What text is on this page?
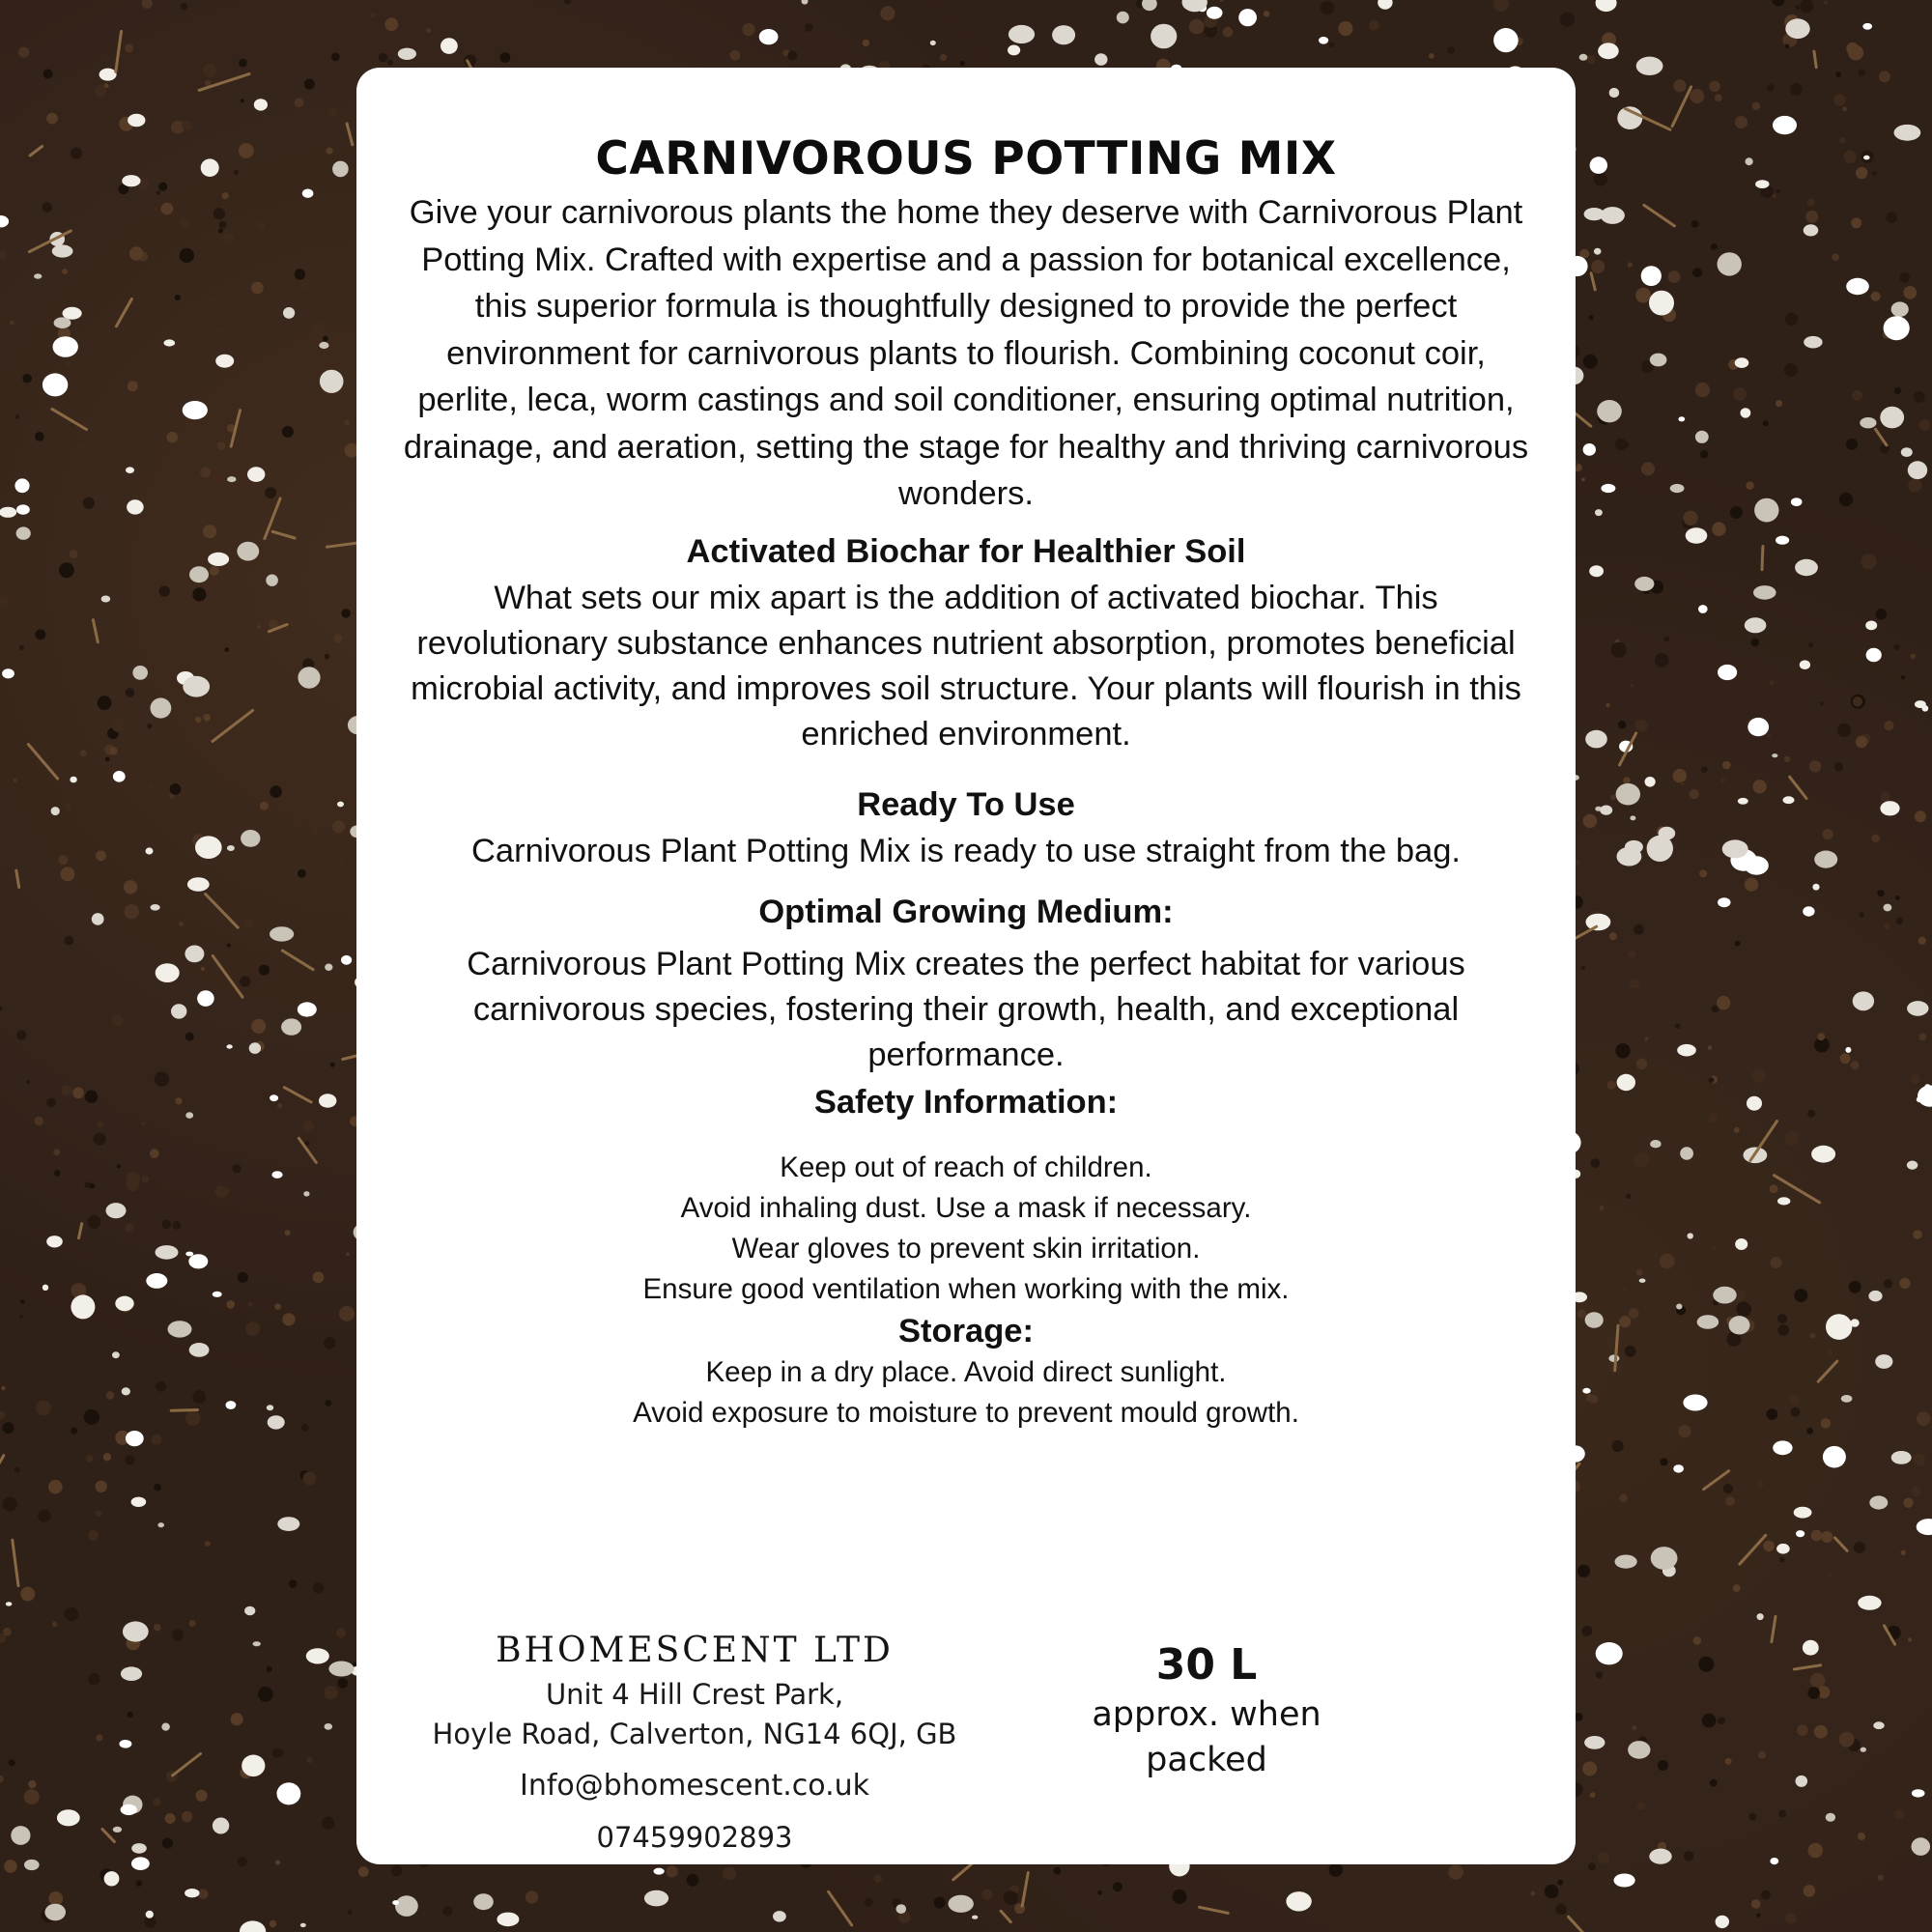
CARNIVOROUS POTTING MIX

Give your carnivorous plants the home they deserve with Carnivorous Plant Potting Mix. Crafted with expertise and a passion for botanical excellence, this superior formula is thoughtfully designed to provide the perfect environment for carnivorous plants to flourish. Combining coconut coir, perlite, leca, worm castings and soil conditioner, ensuring optimal nutrition, drainage, and aeration, setting the stage for healthy and thriving carnivorous wonders.

Activated Biochar for Healthier Soil

What sets our mix apart is the addition of activated biochar. This revolutionary substance enhances nutrient absorption, promotes beneficial microbial activity, and improves soil structure. Your plants will flourish in this enriched environment.

Ready To Use

Carnivorous Plant Potting Mix is ready to use straight from the bag.

Optimal Growing Medium:

Carnivorous Plant Potting Mix creates the perfect habitat for various carnivorous species, fostering their growth, health, and exceptional performance.

Safety Information:

Keep out of reach of children.

Avoid inhaling dust. Use a mask if necessary.

Wear gloves to prevent skin irritation.

Ensure good ventilation when working with the mix.

Storage:

Keep in a dry place. Avoid direct sunlight.

Avoid exposure to moisture to prevent mould growth.

BHOMESCENT LTD

Unit 4 Hill Crest Park,

Hoyle Road, Calverton, NG14 6QJ, GB

Info@bhomescent.co.uk

07459902893

30 L

approx. when

packed
